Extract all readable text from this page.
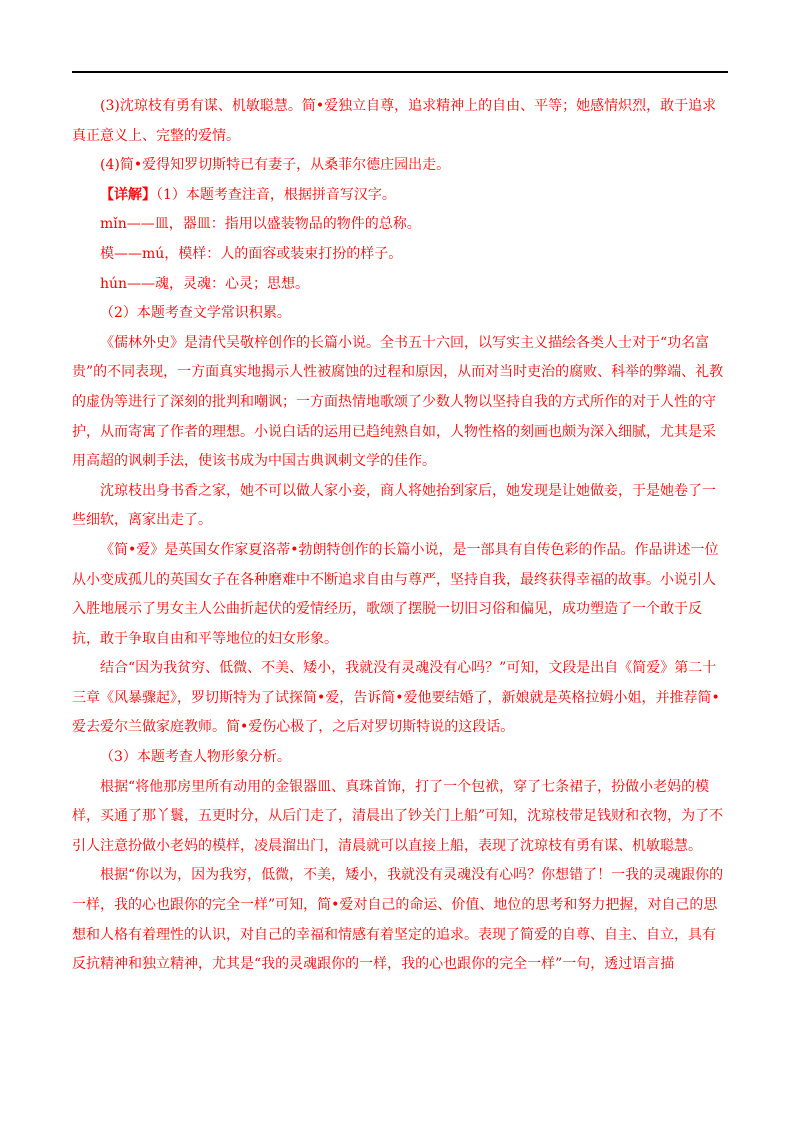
(3)沈琼枝有勇有谋、机敏聪慧。简•爱独立自尊，追求精神上的自由、平等；她感情炽烈，敢于追求真正意义上、完整的爱情。

(4)简•爱得知罗切斯特已有妻子，从桑菲尔德庄园出走。

【详解】（1）本题考查注音，根据拼音写汉字。

mǐn——皿，器皿：指用以盛装物品的物件的总称。

模——mú，模样：人的面容或装束打扮的样子。

hún——魂，灵魂：心灵；思想。

（2）本题考查文学常识积累。

《儒林外史》是清代吴敬梓创作的长篇小说。全书五十六回，以写实主义描绘各类人士对于“功名富贵”的不同表现，一方面真实地揭示人性被腐蚀的过程和原因，从而对当时吏治的腐败、科举的弊端、礼教的虚伪等进行了深刻的批判和嘲讽；一方面热情地歌颂了少数人物以坚持自我的方式所作的对于人性的守护，从而寄寓了作者的理想。小说白话的运用已趋纯熟自如，人物性格的刻画也颇为深入细腻，尤其是采用高超的讽刺手法，使该书成为中国古典讽刺文学的佳作。

沈琼枝出身书香之家，她不可以做人家小妾，商人将她抬到家后，她发现是让她做妾，于是她卷了一些细软，离家出走了。

《简•爱》是英国女作家夏洛蒂•勃朗特创作的长篇小说，是一部具有自传色彩的作品。作品讲述一位从小变成孤儿的英国女子在各种磨难中不断追求自由与尊严，坚持自我，最终获得幸福的故事。小说引人入胜地展示了男女主人公曲折起伏的爱情经历，歌颂了摆脱一切旧习俗和偏见，成功塑造了一个敢于反抗，敢于争取自由和平等地位的妇女形象。

结合“因为我贫穷、低微、不美、矮小，我就没有灵魂没有心吗？”可知，文段是出自《简爱》第二十三章《风暴骤起》，罗切斯特为了试探简•爱，告诉简•爱他要结婚了，新娘就是英格拉姆小姐，并推荐简•爱去爱尔兰做家庭教师。简•爱伤心极了，之后对罗切斯特说的这段话。

（3）本题考查人物形象分析。

根据“将他那房里所有动用的金银器皿、真珠首饰，打了一个包袱，穿了七条裙子，扮做小老妈的模样，买通了那丫鬟，五更时分，从后门走了，清晨出了钞关门上船”可知，沈琼枝带足钱财和衣物，为了不引人注意扮做小老妈的模样，凌晨溜出门，清晨就可以直接上船，表现了沈琼枝有勇有谋、机敏聪慧。

根据“你以为，因为我穷，低微，不美，矮小，我就没有灵魂没有心吗？你想错了！一我的灵魂跟你的一样，我的心也跟你的完全一样”可知，简•爱对自己的命运、价值、地位的思考和努力把握，对自己的思想和人格有着理性的认识，对自己的幸福和情感有着坚定的追求。表现了简爱的自尊、自主、自立，具有反抗精神和独立精神，尤其是“我的灵魂跟你的一样，我的心也跟你的完全一样”一句，透过语言描
